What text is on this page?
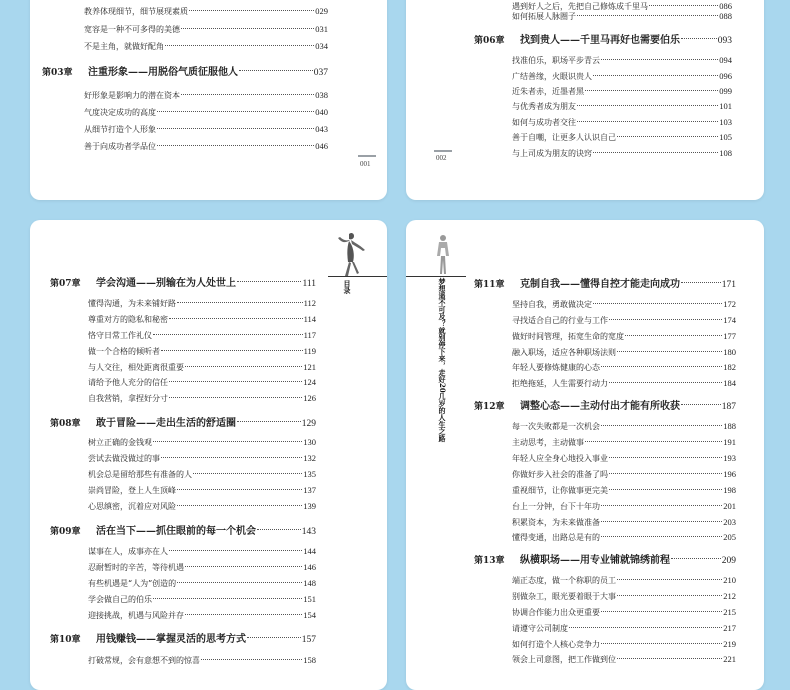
教养体现细节，细节展现素质	029
宽容是一种不可多得的美德	031
不是主角，就做好配角	034
第03章	注重形象——用脱俗气质征服他人	037
好形象是影响力的潜在资本	038
气度决定成功的高度	040
从细节打造个人形象	043
善于向成功者学品位	046
001
遇到好人之后，先把自己修炼成千里马	086
如何拓展人脉圈子	088
第06章	找到贵人——千里马再好也需要伯乐	093
找准伯乐，职场平步青云	094
广结善缘，火眼识贵人	096
近朱者赤，近墨者黑	099
与优秀者成为朋友	101
如何与成功者交往	103
善于自嘲，让更多人认识自己	105
与上司成为朋友的诀窍	108
002
目录
第07章	学会沟通——别输在为人处世上	111
懂得沟通，为未来铺好路	112
尊重对方的隐私和秘密	114
恪守日常工作礼仪	117
做一个合格的倾听者	119
与人交往，相处距离很重要	121
请给予他人充分的信任	124
自我营销，拿捏好分寸	126
第08章	敢于冒险——走出生活的舒适圈	129
树立正确的金钱观	130
尝试去做没做过的事	132
机会总是留给那些有准备的人	135
崇尚冒险，登上人生顶峰	137
心思缜密，沉着应对风险	139
第09章	活在当下——抓住眼前的每一个机会	143
谋事在人，成事亦在人	144
忍耐暂时的辛苦，等待机遇	146
有些机遇是“人为”创造的	148
学会做自己的伯乐	151
迎接挑战，机遇与风险并存	154
第10章	用钱赚钱——掌握灵活的思考方式	157
打破常规，会有意想不到的惊喜	158
梦想遥不可及？就别停下来，走好20几岁的人生之路	第11章	克制自我——懂得自控才能走向成功	171
坚持自我，勇敢做决定	172
寻找适合自己的行业与工作	174
做好时间管理，拓宽生命的宽度	177
融入职场，适应各种职场法则	180
年轻人要修炼健康的心态	182
拒绝拖延，人生需要行动力	184
第12章	调整心态——主动付出才能有所收获	187
每一次失败都是一次机会	188
主动思考，主动做事	191
年轻人应全身心地投入事业	193
你做好步入社会的准备了吗	196
重视细节，让你做事更完美	198
台上一分钟，台下十年功	201
积累资本，为未来做准备	203
懂得变通，出路总是有的	205
第13章	纵横职场——用专业铺就锦绣前程	209
端正态度，做一个称职的员工	210
别做杂工，眼光要着眼于大事	212
协调合作能力出众更重要	215
请遵守公司制度	217
如何打造个人核心竞争力	219
领会上司意图，把工作做到位	221
